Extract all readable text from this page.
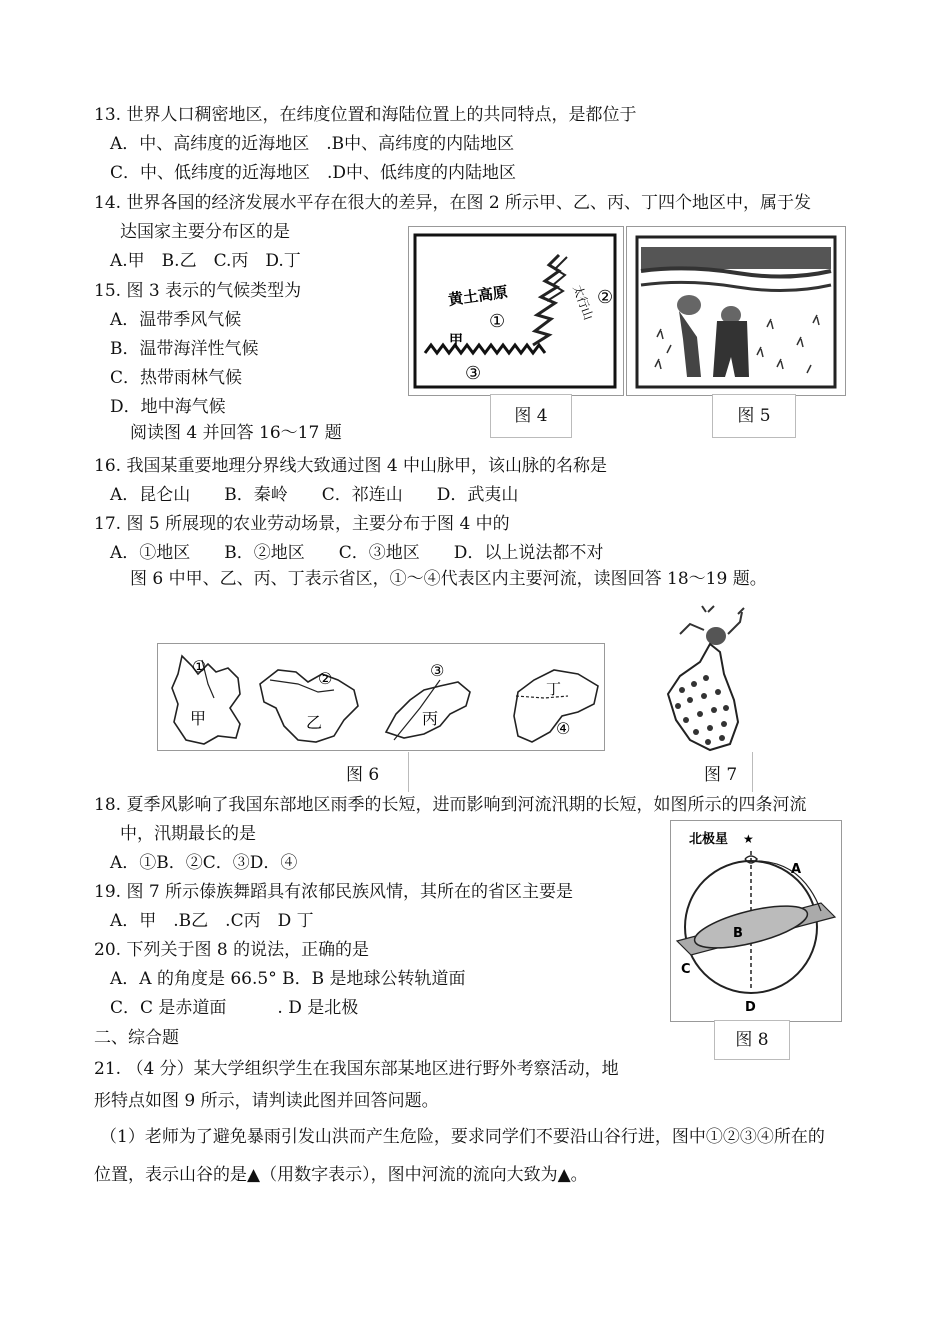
13. 世界人口稠密地区，在纬度位置和海陆位置上的共同特点，是都位于
A．中、高纬度的近海地区　.B中、高纬度的内陆地区
C．中、低纬度的近海地区　.D中、低纬度的内陆地区
14. 世界各国的经济发展水平存在很大的差异，在图 2 所示甲、乙、丙、丁四个地区中，属于发
达国家主要分布区的是
A.甲　B.乙　C.丙　D.丁
15. 图 3 表示的气候类型为
A．温带季风气候
B．温带海洋性气候
C．热带雨林气候
D．地中海气候
阅读图 4 并回答 16～17 题
黄土高原
①	太行山 ②
甲
③
图 4	图 5
16. 我国某重要地理分界线大致通过图 4 中山脉甲，该山脉的名称是
A．昆仑山　　B．秦岭　　C．祁连山　　D．武夷山
17. 图 5 所展现的农业劳动场景，主要分布于图 4 中的
A．①地区　　B．②地区　　C．③地区　　D．以上说法都不对
图 6 中甲、乙、丙、丁表示省区，①～④代表区内主要河流，读图回答 18～19 题。
①
甲
②
乙
③
丙
丁
④
图 6	图 7
18. 夏季风影响了我国东部地区雨季的长短，进而影响到河流汛期的长短，如图所示的四条河流
中，汛期最长的是
A．①B．②C．③D．④
19. 图 7 所示傣族舞蹈具有浓郁民族风情，其所在的省区主要是
A．甲　.B乙　.C丙　D 丁
20. 下列关于图 8 的说法，正确的是
A．A 的角度是 66.5° B．B 是地球公转轨道面
C．C 是赤道面　　　. D 是北极
北极星 ★
A
B
C
D
图 8
二、综合题
21. （4 分）某大学组织学生在我国东部某地区进行野外考察活动，地
形特点如图 9 所示，请判读此图并回答问题。
（1）老师为了避免暴雨引发山洪而产生危险，要求同学们不要沿山谷行进，图中①②③④所在的
位置，表示山谷的是▲（用数字表示），图中河流的流向大致为▲。
